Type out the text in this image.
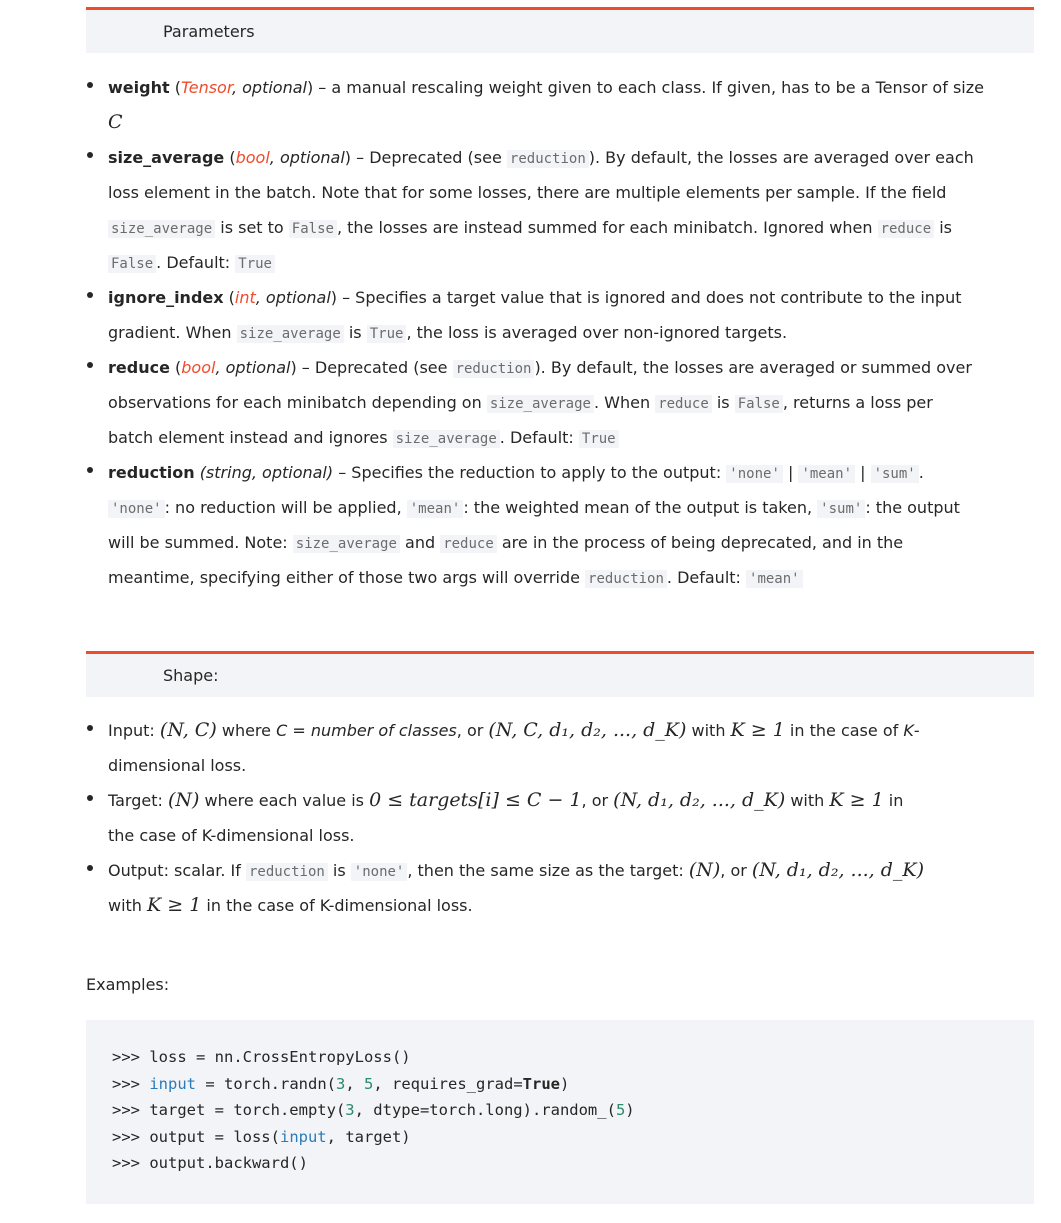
Parameters
weight (Tensor, optional) – a manual rescaling weight given to each class. If given, has to be a Tensor of size
C
size_average (bool, optional) – Deprecated (see reduction ). By default, the losses are averaged over each
loss element in the batch. Note that for some losses, there are multiple elements per sample. If the field
size_average is set to False , the losses are instead summed for each minibatch. Ignored when reduce is
False . Default: True
ignore_index (int, optional) – Specifies a target value that is ignored and does not contribute to the input
gradient. When size_average is True , the loss is averaged over non-ignored targets.
reduce (bool, optional) – Deprecated (see reduction ). By default, the losses are averaged or summed over
observations for each minibatch depending on size_average . When reduce is False , returns a loss per
batch element instead and ignores size_average . Default: True
reduction (string, optional) – Specifies the reduction to apply to the output: 'none' | 'mean' | 'sum' .
'none' : no reduction will be applied, 'mean' : the weighted mean of the output is taken, 'sum' : the output
will be summed. Note: size_average and reduce are in the process of being deprecated, and in the
meantime, specifying either of those two args will override reduction . Default: 'mean'
Shape:
Input: (N, C) where C = number of classes, or (N, C, d₁, d₂, ..., d_K) with K ≥ 1 in the case of K-
dimensional loss.
Target: (N) where each value is 0 ≤ targets[i] ≤ C − 1, or (N, d₁, d₂, ..., d_K) with K ≥ 1 in
the case of K-dimensional loss.
Output: scalar. If reduction is 'none' , then the same size as the target: (N), or (N, d₁, d₂, ..., d_K)
with K ≥ 1 in the case of K-dimensional loss.
Examples:
>>> loss = nn.CrossEntropyLoss()
>>> input = torch.randn(3, 5, requires_grad=True)
>>> target = torch.empty(3, dtype=torch.long).random_(5)
>>> output = loss(input, target)
>>> output.backward()
